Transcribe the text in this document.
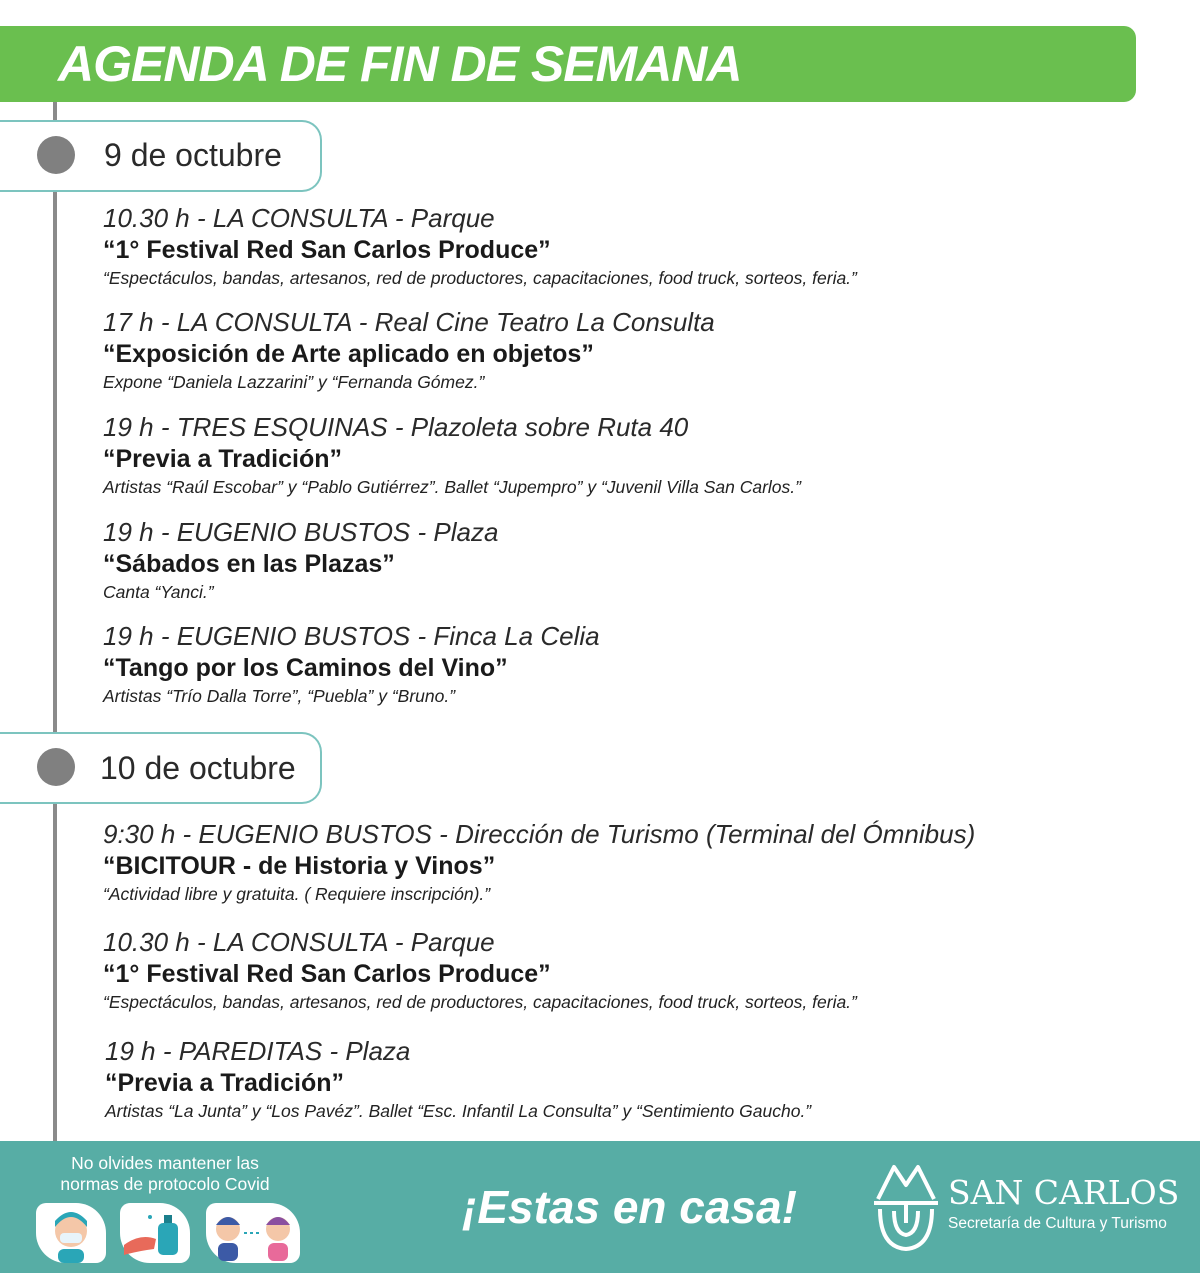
AGENDA DE FIN DE SEMANA
9 de octubre
10.30 h - LA CONSULTA - Parque
“1° Festival Red San Carlos Produce”
“Espectáculos, bandas, artesanos, red de productores, capacitaciones, food truck, sorteos, feria.”
17 h - LA CONSULTA - Real Cine Teatro La Consulta
“Exposición de Arte aplicado en objetos”
Expone “Daniela Lazzarini” y “Fernanda Gómez.”
19 h - TRES ESQUINAS - Plazoleta sobre Ruta 40
“Previa a Tradición”
Artistas “Raúl Escobar” y “Pablo Gutiérrez”. Ballet “Jupempro” y “Juvenil Villa San Carlos.”
19 h - EUGENIO BUSTOS - Plaza
“Sábados en las Plazas”
Canta “Yanci.”
19 h - EUGENIO BUSTOS - Finca La Celia
“Tango por los Caminos del Vino”
Artistas “Trío Dalla Torre”, “Puebla” y “Bruno.”
10 de octubre
9:30 h - EUGENIO BUSTOS - Dirección de Turismo (Terminal del Ómnibus)
“BICITOUR - de Historia y Vinos”
“Actividad libre y gratuita. ( Requiere inscripción).”
10.30 h - LA CONSULTA - Parque
“1° Festival Red San Carlos Produce”
“Espectáculos, bandas, artesanos, red de productores, capacitaciones, food truck, sorteos, feria.”
19 h - PAREDITAS - Plaza
“Previa a Tradición”
Artistas “La Junta” y “Los Pavéz”. Ballet “Esc. Infantil La Consulta” y “Sentimiento Gaucho.”
No olvides mantener las
normas de protocolo Covid	¡Estas en casa!	SAN CARLOS
Secretaría de Cultura y Turismo
